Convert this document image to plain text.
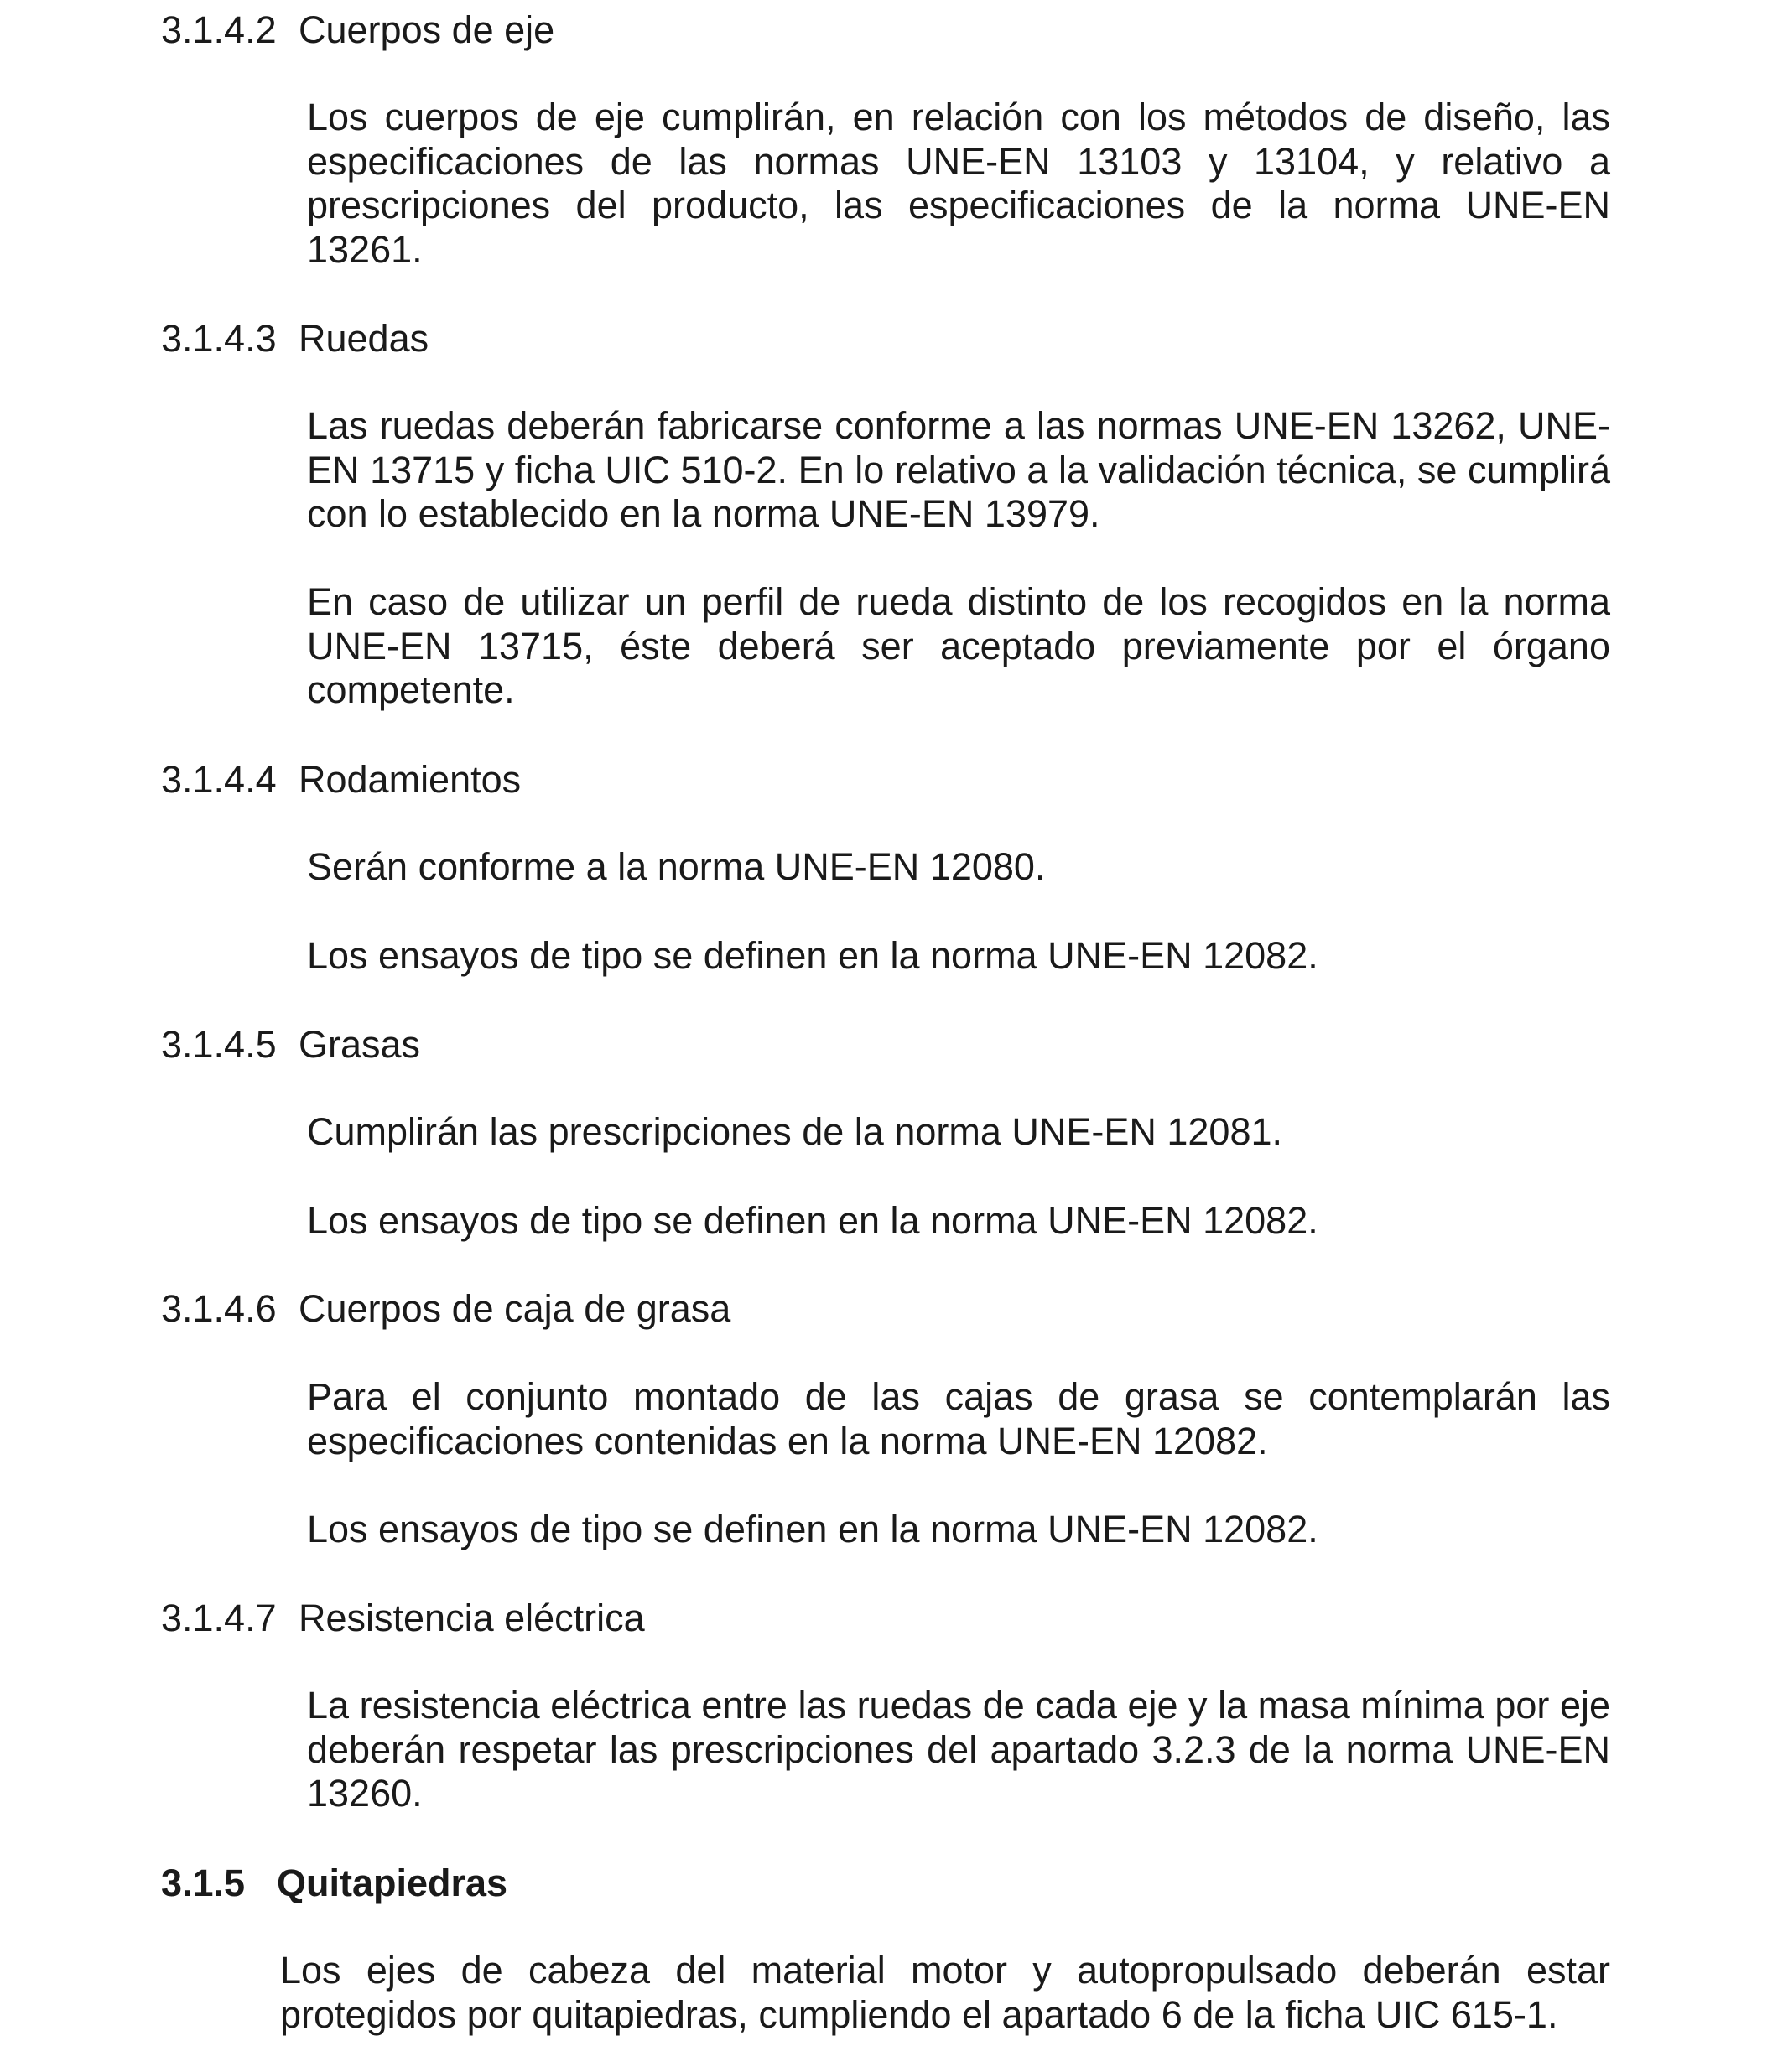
3.1.4.2 Cuerpos de eje

Los cuerpos de eje cumplirán, en relación con los métodos de diseño, las especificaciones de las normas UNE-EN 13103 y 13104, y relativo a prescripciones del producto, las especificaciones de la norma UNE-EN 13261.

3.1.4.3 Ruedas

Las ruedas deberán fabricarse conforme a las normas UNE-EN 13262, UNE-EN 13715 y ficha UIC 510-2. En lo relativo a la validación técnica, se cumplirá con lo establecido en la norma UNE-EN 13979.

En caso de utilizar un perfil de rueda distinto de los recogidos en la norma UNE-EN 13715, éste deberá ser aceptado previamente por el órgano competente.

3.1.4.4 Rodamientos

Serán conforme a la norma UNE-EN 12080.

Los ensayos de tipo se definen en la norma UNE-EN 12082.

3.1.4.5 Grasas

Cumplirán las prescripciones de la norma UNE-EN 12081.

Los ensayos de tipo se definen en la norma UNE-EN 12082.

3.1.4.6 Cuerpos de caja de grasa

Para el conjunto montado de las cajas de grasa se contemplarán las especificaciones contenidas en la norma UNE-EN 12082.

Los ensayos de tipo se definen en la norma UNE-EN 12082.

3.1.4.7 Resistencia eléctrica

La resistencia eléctrica entre las ruedas de cada eje y la masa mínima por eje deberán respetar las prescripciones del apartado 3.2.3 de la norma UNE-EN 13260.

3.1.5 Quitapiedras

Los ejes de cabeza del material motor y autopropulsado deberán estar protegidos por quitapiedras, cumpliendo el apartado 6 de la ficha UIC 615-1.
